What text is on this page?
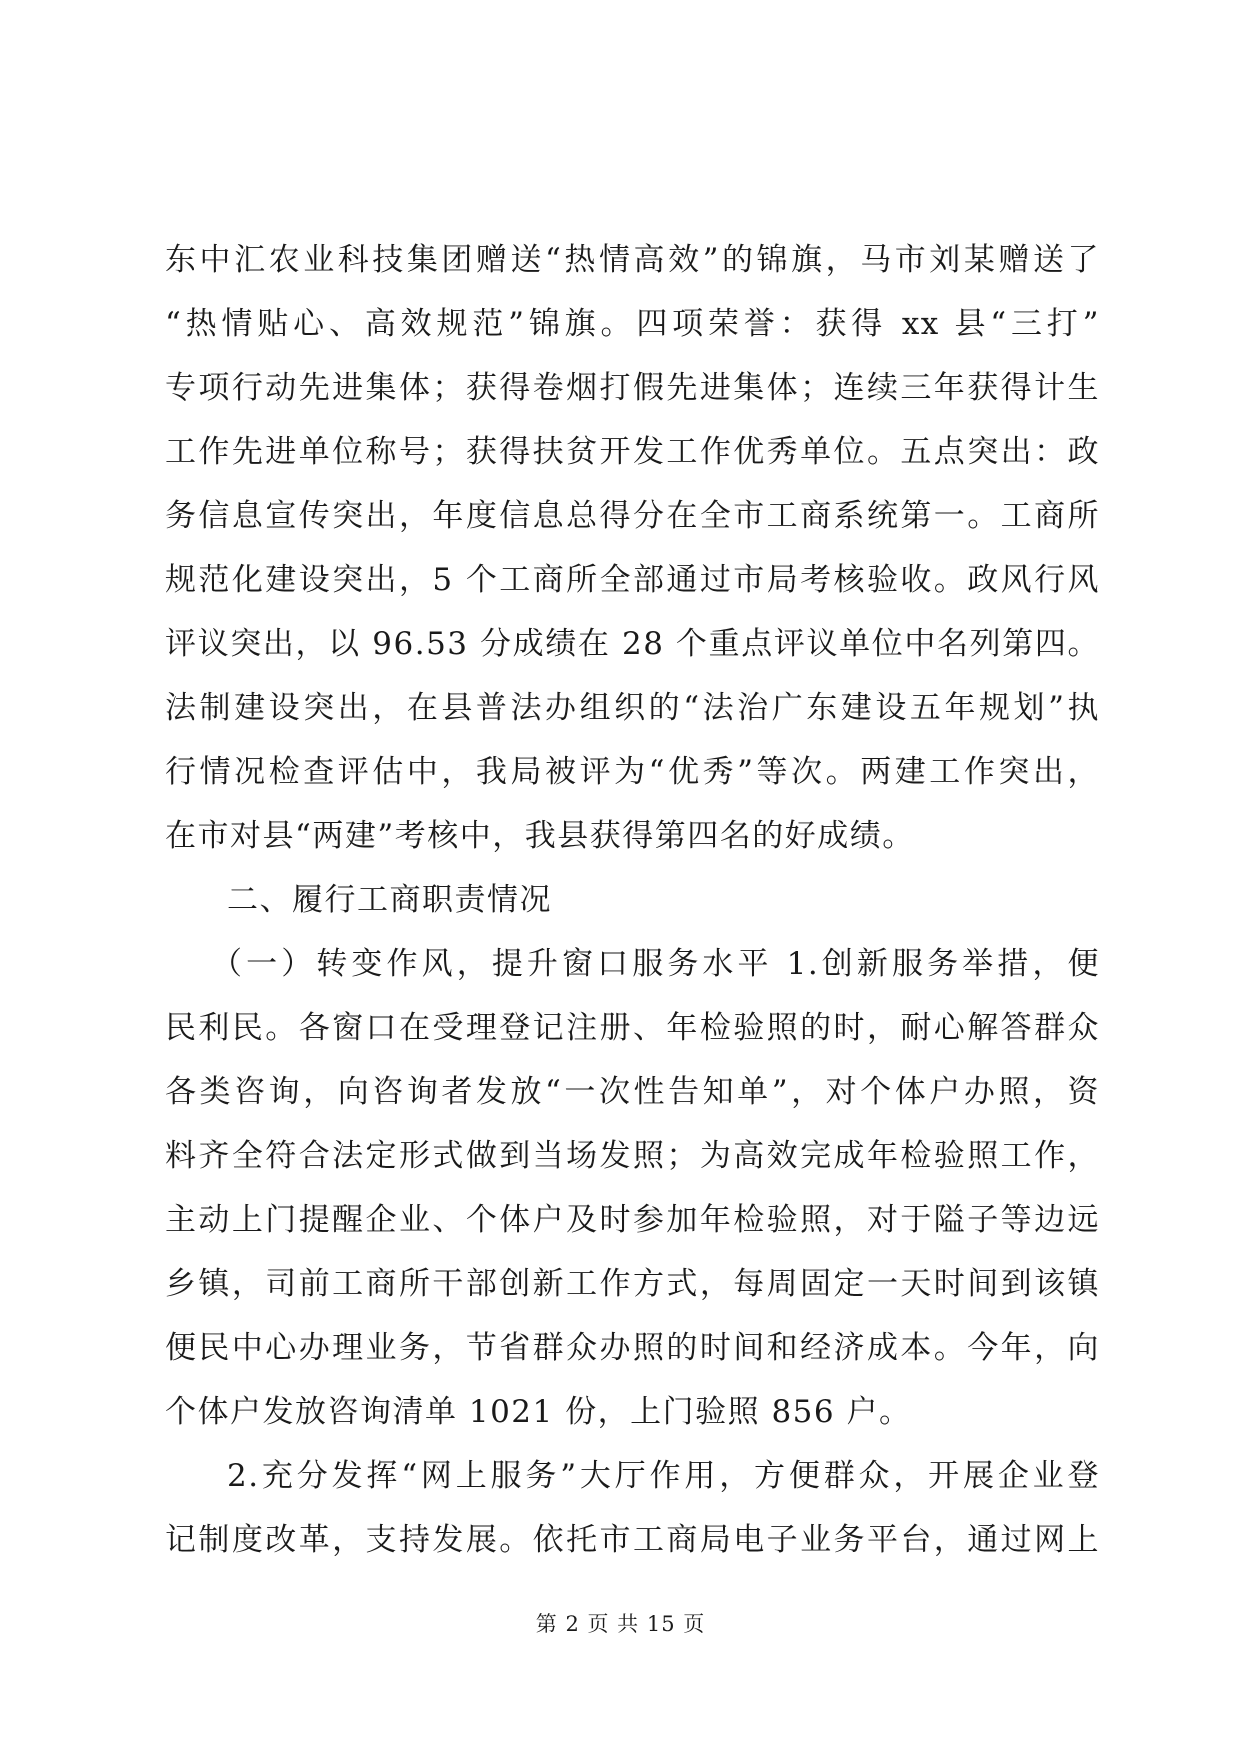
东中汇农业科技集团赠送“热情高效”的锦旗，马市刘某赠送了
“热情贴心、高效规范”锦旗。四项荣誉：获得 xx 县“三打”
专项行动先进集体；获得卷烟打假先进集体；连续三年获得计生
工作先进单位称号；获得扶贫开发工作优秀单位。五点突出：政
务信息宣传突出，年度信息总得分在全市工商系统第一。工商所
规范化建设突出，5 个工商所全部通过市局考核验收。政风行风
评议突出，以 96.53 分成绩在 28 个重点评议单位中名列第四。
法制建设突出，在县普法办组织的“法治广东建设五年规划”执
行情况检查评估中，我局被评为“优秀”等次。两建工作突出，
在市对县“两建”考核中，我县获得第四名的好成绩。
二、履行工商职责情况
（一）转变作风，提升窗口服务水平 1.创新服务举措，便
民利民。各窗口在受理登记注册、年检验照的时，耐心解答群众
各类咨询，向咨询者发放“一次性告知单”，对个体户办照，资
料齐全符合法定形式做到当场发照；为高效完成年检验照工作，
主动上门提醒企业、个体户及时参加年检验照，对于隘子等边远
乡镇，司前工商所干部创新工作方式，每周固定一天时间到该镇
便民中心办理业务，节省群众办照的时间和经济成本。今年，向
个体户发放咨询清单 1021 份，上门验照 856 户。
2.充分发挥“网上服务”大厅作用，方便群众，开展企业登
记制度改革，支持发展。依托市工商局电子业务平台，通过网上
第 2 页 共 15 页
